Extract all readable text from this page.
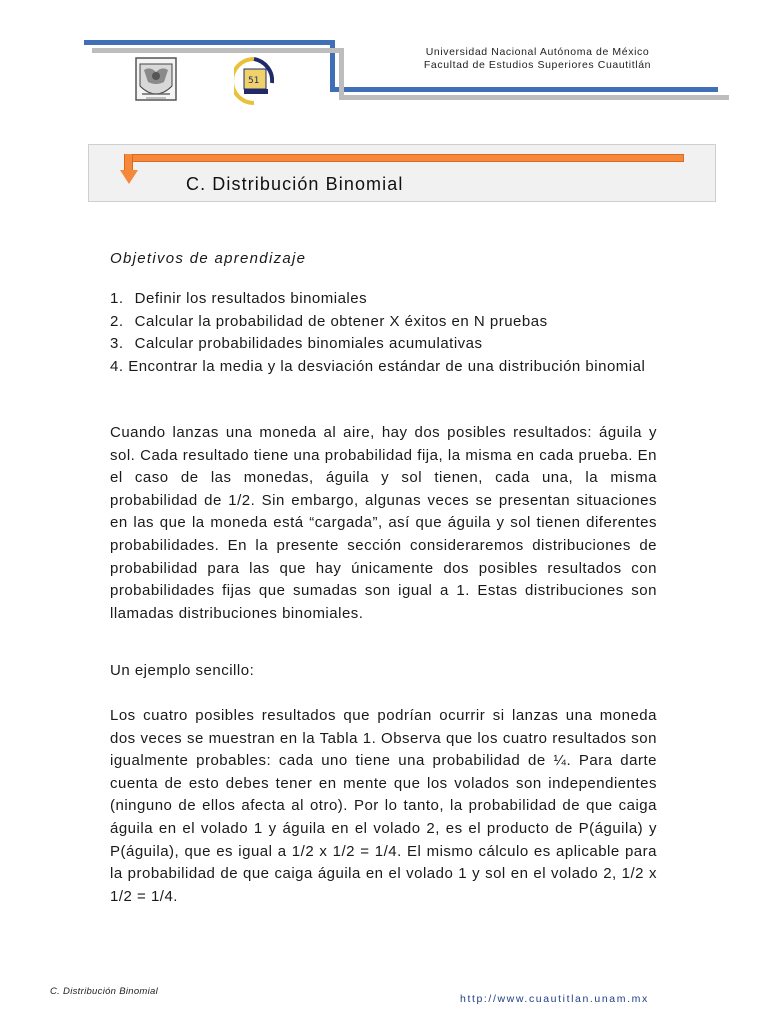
51
Universidad Nacional Autónoma de México
Facultad de Estudios Superiores Cuautitlán
C. Distribución Binomial
Objetivos de aprendizaje
1. Definir los resultados binomiales
2. Calcular la probabilidad de obtener X éxitos en N pruebas
3. Calcular probabilidades binomiales acumulativas
4. Encontrar la media y la desviación estándar de una distribución binomial

Cuando lanzas una moneda al aire, hay dos posibles resultados: águila y sol. Cada resultado tiene una probabilidad fija, la misma en cada prueba. En el caso de las monedas, águila y sol tienen, cada una, la misma probabilidad de 1/2. Sin embargo, algunas veces se presentan situaciones en las que la moneda está “cargada”, así que águila y sol tienen diferentes probabilidades. En la presente sección consideraremos distribuciones de probabilidad para las que hay únicamente dos posibles resultados con probabilidades fijas que sumadas son igual a 1. Estas distribuciones son llamadas distribuciones binomiales.

Un ejemplo sencillo:

Los cuatro posibles resultados que podrían ocurrir si lanzas una moneda dos veces se muestran en la Tabla 1. Observa que los cuatro resultados son igualmente probables: cada uno tiene una probabilidad de ¼. Para darte cuenta de esto debes tener en mente que los volados son independientes (ninguno de ellos afecta al otro). Por lo tanto, la probabilidad de que caiga águila en el volado 1 y águila en el volado 2, es el producto de P(águila) y P(águila), que es igual a 1/2 x 1/2 = 1/4. El mismo cálculo es aplicable para la probabilidad de que caiga águila en el volado 1 y sol en el volado 2, 1/2 x 1/2 = 1/4.

C. Distribución Binomial
http://www.cuautitlan.unam.mx
